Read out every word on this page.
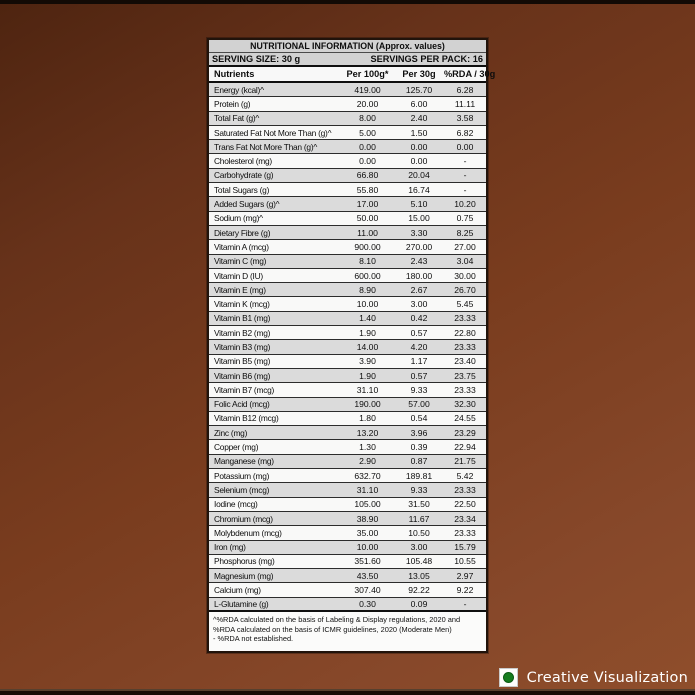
NUTRITIONAL INFORMATION (Approx. values)
SERVING SIZE: 30 g	SERVINGS PER PACK: 16
Nutrients	Per 100g*	Per 30g %RDA / 30g
Energy (kcal)^	419.00	125.70	6.28
Protein (g)	20.00	6.00	11.11
Total Fat (g)^	8.00	2.40	3.58
Saturated Fat Not More Than (g)^	5.00	1.50	6.82
Trans Fat Not More Than (g)^	0.00	0.00	0.00
Cholesterol (mg)	0.00	0.00	-
Carbohydrate (g)	66.80	20.04	-
Total Sugars (g)	55.80	16.74	-
Added Sugars (g)^	17.00	5.10	10.20
Sodium (mg)^	50.00	15.00	0.75
Dietary Fibre (g)	11.00	3.30	8.25
Vitamin A (mcg)	900.00	270.00	27.00
Vitamin C (mg)	8.10	2.43	3.04
Vitamin D (IU)	600.00	180.00	30.00
Vitamin E (mg)	8.90	2.67	26.70
Vitamin K (mcg)	10.00	3.00	5.45
Vitamin B1 (mg)	1.40	0.42	23.33
Vitamin B2 (mg)	1.90	0.57	22.80
Vitamin B3 (mg)	14.00	4.20	23.33
Vitamin B5 (mg)	3.90	1.17	23.40
Vitamin B6 (mg)	1.90	0.57	23.75
Vitamin B7 (mcg)	31.10	9.33	23.33
Folic Acid (mcg)	190.00	57.00	32.30
Vitamin B12 (mcg)	1.80	0.54	24.55
Zinc (mg)	13.20	3.96	23.29
Copper (mg)	1.30	0.39	22.94
Manganese (mg)	2.90	0.87	21.75
Potassium (mg)	632.70	189.81	5.42
Selenium (mcg)	31.10	9.33	23.33
Iodine (mcg)	105.00	31.50	22.50
Chromium (mcg)	38.90	11.67	23.34
Molybdenum (mcg)	35.00	10.50	23.33
Iron (mg)	10.00	3.00	15.79
Phosphorus (mg)	351.60	105.48	10.55
Magnesium (mg)	43.50	13.05	2.97
Calcium (mg)	307.40	92.22	9.22
L-Glutamine (g)	0.30	0.09	-
^%RDA calculated on the basis of Labeling & Display regulations, 2020 and %RDA calculated on the basis of ICMR guidelines, 2020 (Moderate Men)
- %RDA not established.
Creative Visualization
